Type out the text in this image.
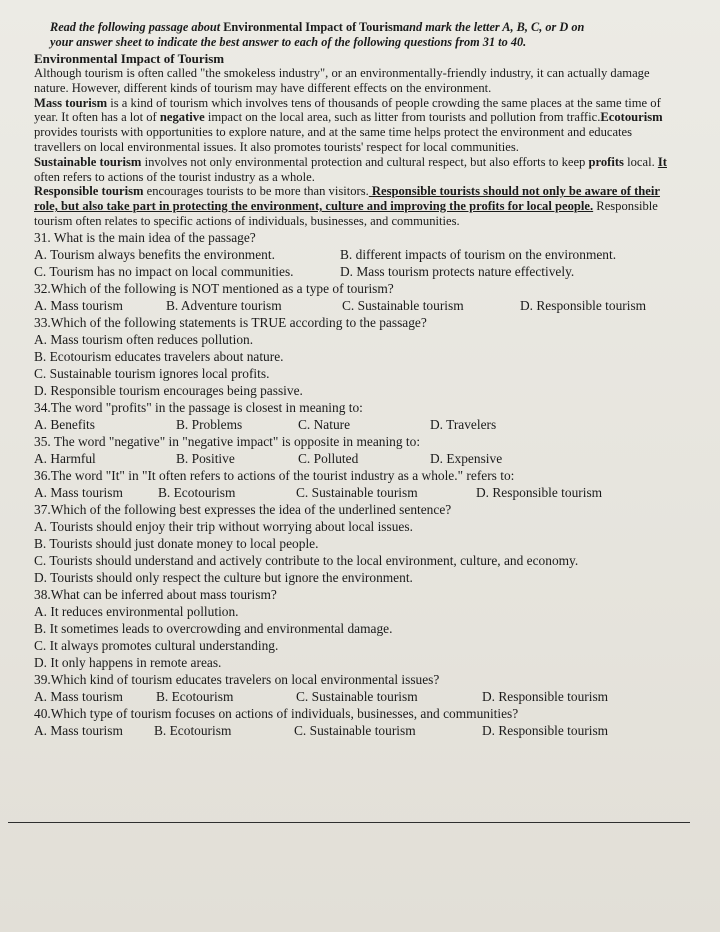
Read the following passage about Environmental Impact of Tourismand mark the letter A, B, C, or D on
your answer sheet to indicate the best answer to each of the following questions from 31 to 40.
Environmental Impact of Tourism
Although tourism is often called "the smokeless industry", or an environmentally-friendly industry, it can actually damage nature. However, different kinds of tourism may have different effects on the environment.
Mass tourism is a kind of tourism which involves tens of thousands of people crowding the same places at the same time of year. It often has a lot of negative impact on the local area, such as litter from tourists and pollution from traffic.Ecotourism provides tourists with opportunities to explore nature, and at the same time helps protect the environment and educates travellers on local environmental issues. It also promotes tourists' respect for local communities.
Sustainable tourism involves not only environmental protection and cultural respect, but also efforts to keep profits local. It often refers to actions of the tourist industry as a whole.
Responsible tourism encourages tourists to be more than visitors. Responsible tourists should not only be aware of their role, but also take part in protecting the environment, culture and improving the profits for local people. Responsible tourism often relates to specific actions of individuals, businesses, and communities.
31. What is the main idea of the passage?
A. Tourism always benefits the environment.	B. different impacts of tourism on the environment.
C. Tourism has no impact on local communities.	D. Mass tourism protects nature effectively.
32.Which of the following is NOT mentioned as a type of tourism?
A. Mass tourism	B. Adventure tourism	C. Sustainable tourism	D. Responsible tourism
33.Which of the following statements is TRUE according to the passage?
A. Mass tourism often reduces pollution.
B. Ecotourism educates travelers about nature.
C. Sustainable tourism ignores local profits.
D. Responsible tourism encourages being passive.
34.The word "profits" in the passage is closest in meaning to:
A. Benefits	B. Problems	C. Nature	D. Travelers
35. The word "negative" in "negative impact" is opposite in meaning to:
A. Harmful	B. Positive	C. Polluted	D. Expensive
36.The word "It" in "It often refers to actions of the tourist industry as a whole." refers to:
A. Mass tourism	B. Ecotourism	C. Sustainable tourism	D. Responsible tourism
37.Which of the following best expresses the idea of the underlined sentence?
A. Tourists should enjoy their trip without worrying about local issues.
B. Tourists should just donate money to local people.
C. Tourists should understand and actively contribute to the local environment, culture, and economy.
D. Tourists should only respect the culture but ignore the environment.
38.What can be inferred about mass tourism?
A. It reduces environmental pollution.
B. It sometimes leads to overcrowding and environmental damage.
C. It always promotes cultural understanding.
D. It only happens in remote areas.
39.Which kind of tourism educates travelers on local environmental issues?
A. Mass tourism	B. Ecotourism	C. Sustainable tourism	D. Responsible tourism
40.Which type of tourism focuses on actions of individuals, businesses, and communities?
A. Mass tourism	B. Ecotourism	C. Sustainable tourism	D. Responsible tourism
